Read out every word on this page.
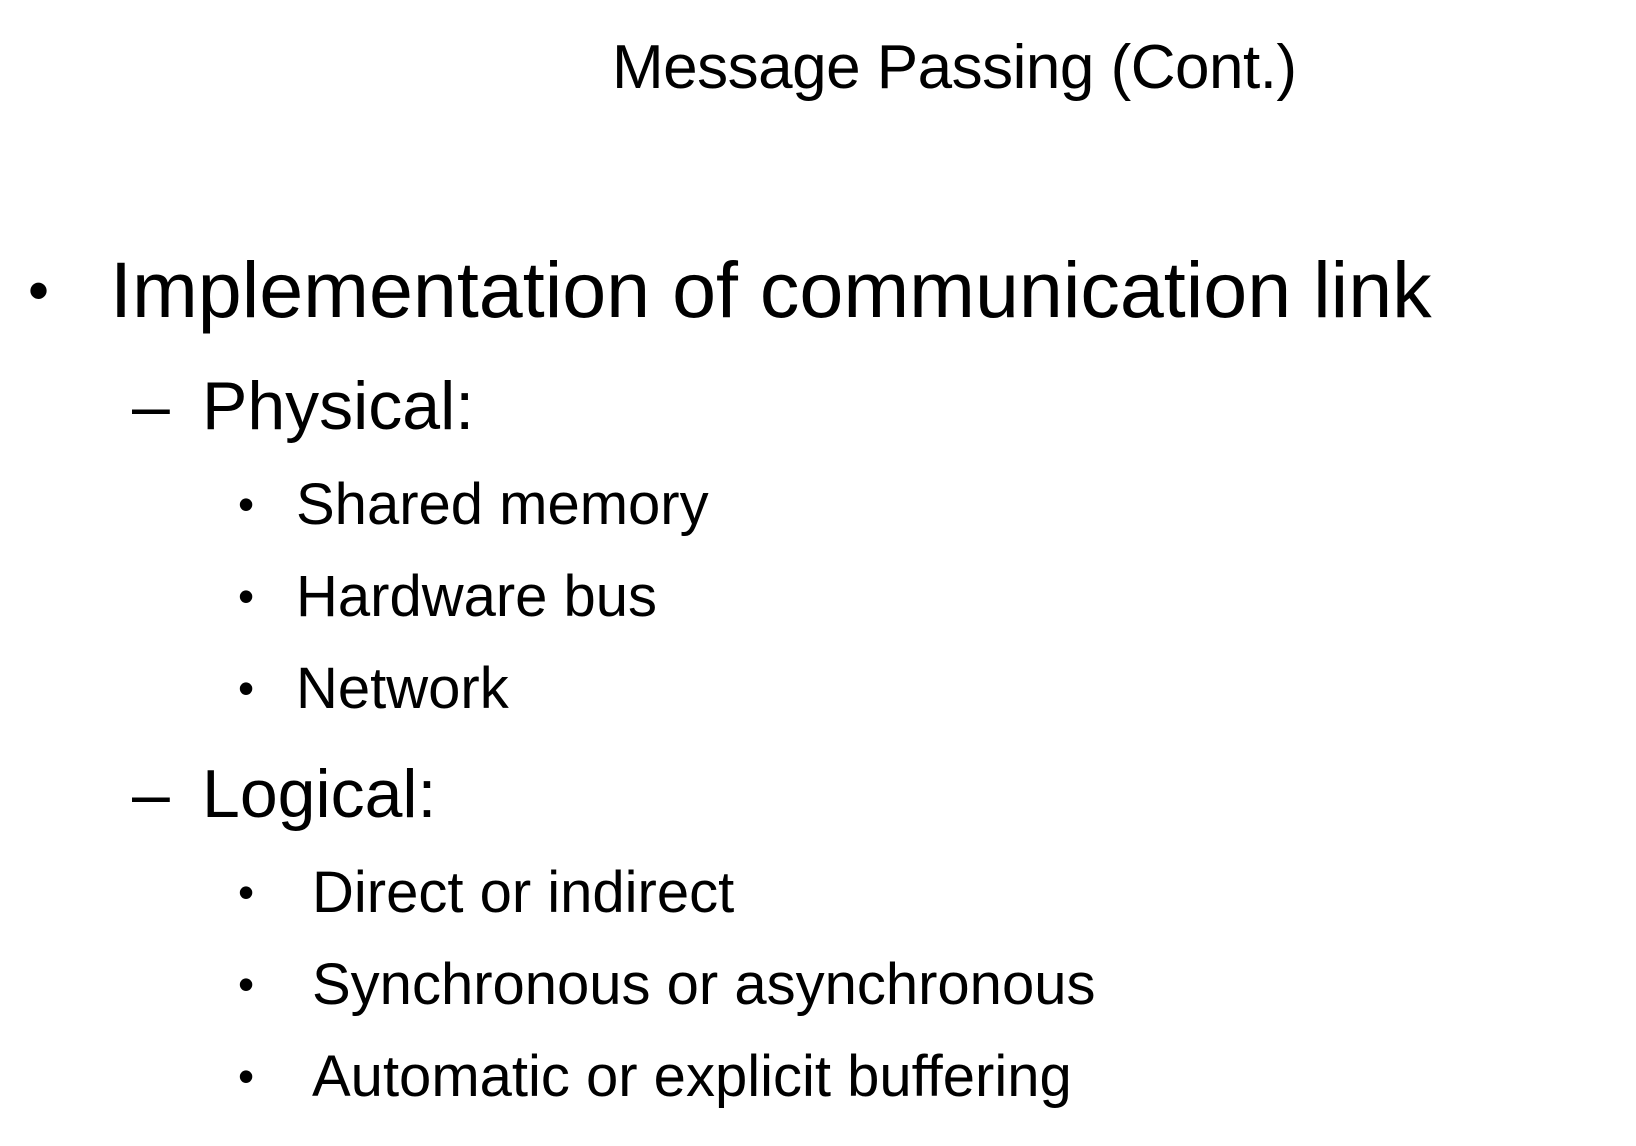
Message Passing (Cont.)
• Implementation of communication link
– Physical:
• Shared memory
• Hardware bus
• Network
– Logical:
• Direct or indirect
• Synchronous or asynchronous
• Automatic or explicit buffering
